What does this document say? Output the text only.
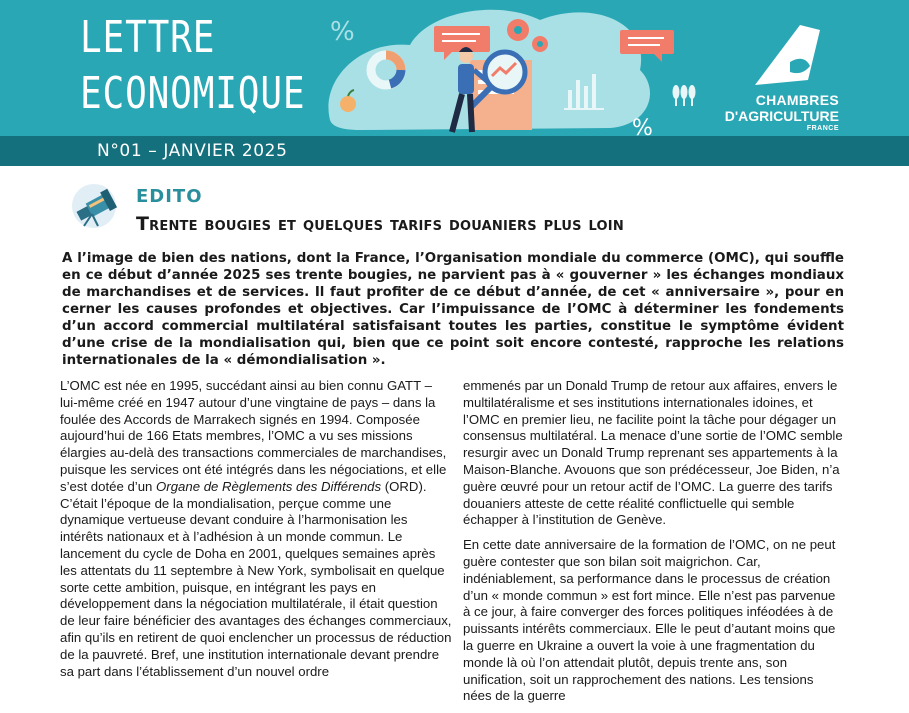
%
%
LETTRE
ECONOMIQUE	CHAMBRES
D'AGRICULTURE
FRANCE
N°01 – JANVIER 2025
EDITO
Trente bougies et quelques tarifs douaniers plus loin
A l’image de bien des nations, dont la France, l’Organisation mondiale du commerce (OMC), qui souffle en ce début d’année 2025 ses trente bougies, ne parvient pas à « gouverner » les échanges mondiaux de marchandises et de services. Il faut profiter de ce début d’année, de cet « anniversaire », pour en cerner les causes profondes et objectives. Car l’impuissance de l’OMC à déterminer les fondements d’un accord commercial multilatéral satisfaisant toutes les parties, constitue le symptôme évident d’une crise de la mondialisation qui, bien que ce point soit encore contesté, rapproche les relations internationales de la « démondialisation ».

L’OMC est née en 1995, succédant ainsi au bien connu GATT – lui-même créé en 1947 autour d’une vingtaine de pays – dans la foulée des Accords de Marrakech signés en 1994. Composée aujourd’hui de 166 Etats membres, l’OMC a vu ses missions élargies au-delà des transactions commerciales de marchandises, puisque les services ont été intégrés dans les négociations, et elle s’est dotée d’un Organe de Règlements des Différends (ORD).

C’était l’époque de la mondialisation, perçue comme une dynamique vertueuse devant conduire à l’harmonisation les intérêts nationaux et à l’adhésion à un monde commun. Le lancement du cycle de Doha en 2001, quelques semaines après les attentats du 11 septembre à New York, symbolisait en quelque sorte cette ambition, puisque, en intégrant les pays en développement dans la négociation multilatérale, il était question de leur faire bénéficier des avantages des échanges commerciaux, afin qu’ils en retirent de quoi enclencher un processus de réduction de la pauvreté. Bref, une institution internationale devant prendre sa part dans l’établissement d’un nouvel ordre

emmenés par un Donald Trump de retour aux affaires, envers le multilatéralisme et ses institutions internationales idoines, et l’OMC en premier lieu, ne facilite point la tâche pour dégager un consensus multilatéral. La menace d’une sortie de l’OMC semble resurgir avec un Donald Trump reprenant ses appartements à la Maison-Blanche. Avouons que son prédécesseur, Joe Biden, n’a guère œuvré pour un retour actif de l’OMC. La guerre des tarifs douaniers atteste de cette réalité conflictuelle qui semble échapper à l’institution de Genève.

En cette date anniversaire de la formation de l’OMC, on ne peut guère contester que son bilan soit maigrichon. Car, indéniablement, sa performance dans le processus de création d’un « monde commun » est fort mince. Elle n’est pas parvenue à ce jour, à faire converger des forces politiques inféodées à de puissants intérêts commerciaux. Elle le peut d’autant moins que la guerre en Ukraine a ouvert la voie à une fragmentation du monde là où l’on attendait plutôt, depuis trente ans, son unification, soit un rapprochement des nations. Les tensions nées de la guerre
